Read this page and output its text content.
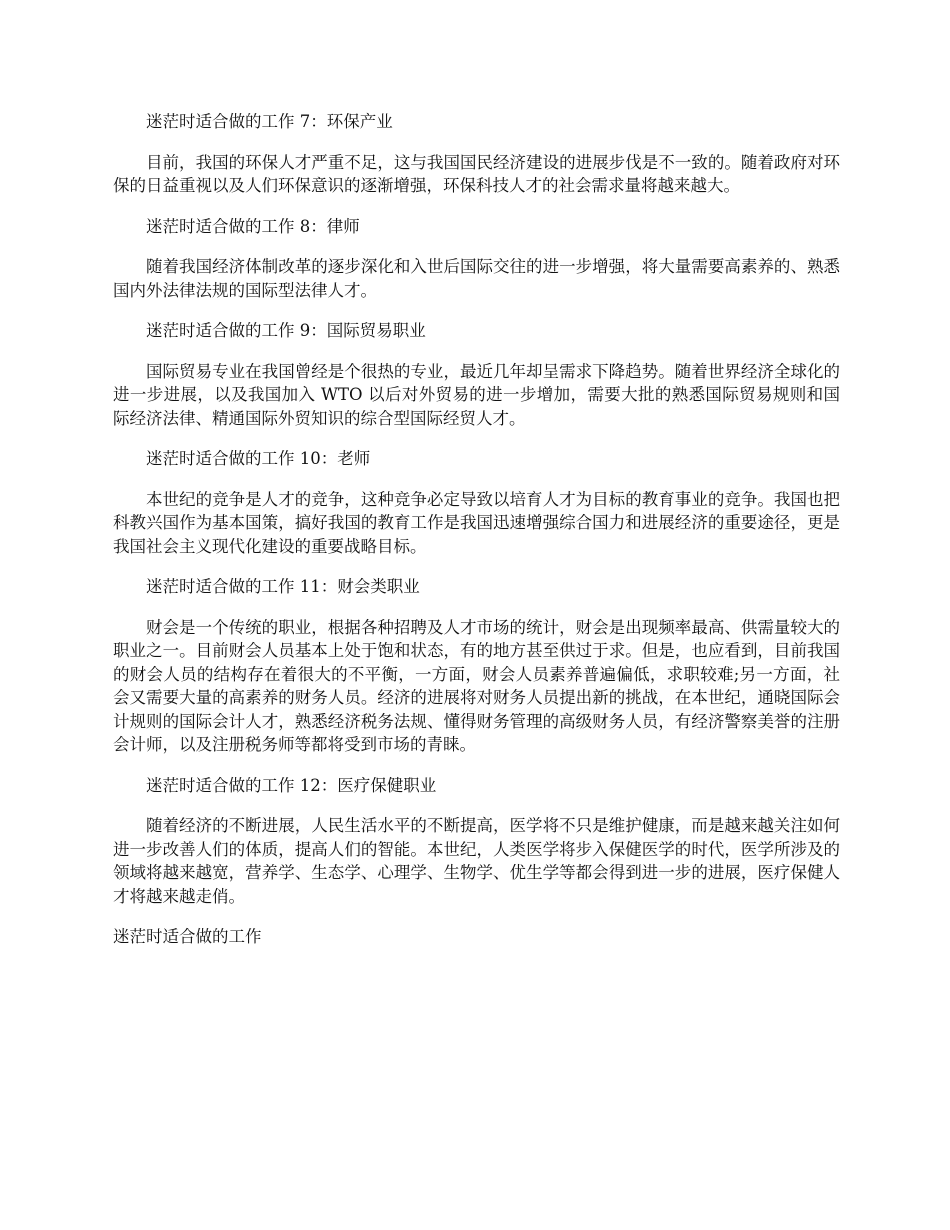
迷茫时适合做的工作 7：环保产业

目前，我国的环保人才严重不足，这与我国国民经济建设的进展步伐是不一致的。随着政府对环保的日益重视以及人们环保意识的逐渐增强，环保科技人才的社会需求量将越来越大。

迷茫时适合做的工作 8：律师

随着我国经济体制改革的逐步深化和入世后国际交往的进一步增强，将大量需要高素养的、熟悉国内外法律法规的国际型法律人才。

迷茫时适合做的工作 9：国际贸易职业

国际贸易专业在我国曾经是个很热的专业，最近几年却呈需求下降趋势。随着世界经济全球化的进一步进展，以及我国加入 WTO 以后对外贸易的进一步增加，需要大批的熟悉国际贸易规则和国际经济法律、精通国际外贸知识的综合型国际经贸人才。

迷茫时适合做的工作 10：老师

本世纪的竞争是人才的竞争，这种竞争必定导致以培育人才为目标的教育事业的竞争。我国也把科教兴国作为基本国策，搞好我国的教育工作是我国迅速增强综合国力和进展经济的重要途径，更是我国社会主义现代化建设的重要战略目标。

迷茫时适合做的工作 11：财会类职业

财会是一个传统的职业，根据各种招聘及人才市场的统计，财会是出现频率最高、供需量较大的职业之一。目前财会人员基本上处于饱和状态，有的地方甚至供过于求。但是，也应看到，目前我国的财会人员的结构存在着很大的不平衡，一方面，财会人员素养普遍偏低，求职较难;另一方面，社会又需要大量的高素养的财务人员。经济的进展将对财务人员提出新的挑战，在本世纪，通晓国际会计规则的国际会计人才，熟悉经济税务法规、懂得财务管理的高级财务人员，有经济警察美誉的注册会计师，以及注册税务师等都将受到市场的青睐。

迷茫时适合做的工作 12：医疗保健职业

随着经济的不断进展，人民生活水平的不断提高，医学将不只是维护健康，而是越来越关注如何进一步改善人们的体质，提高人们的智能。本世纪，人类医学将步入保健医学的时代，医学所涉及的领域将越来越宽，营养学、生态学、心理学、生物学、优生学等都会得到进一步的进展，医疗保健人才将越来越走俏。

迷茫时适合做的工作
